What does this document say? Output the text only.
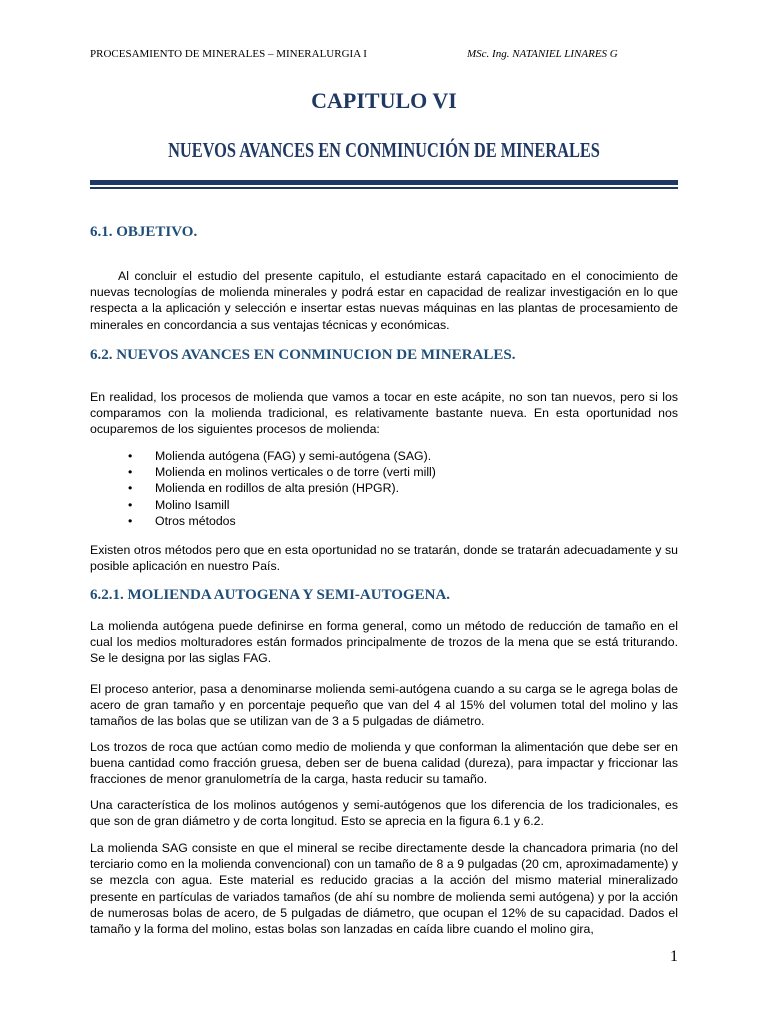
PROCESAMIENTO DE MINERALES – MINERALURGIA I	MSc. Ing. NATANIEL LINARES G
CAPITULO VI
NUEVOS AVANCES EN CONMINUCIÓN DE MINERALES
6.1. OBJETIVO.

Al concluir el estudio del presente capitulo, el estudiante estará capacitado en el conocimiento de nuevas tecnologías de molienda minerales y podrá estar en capacidad de realizar investigación en lo que respecta a la aplicación y selección e insertar estas nuevas máquinas en las plantas de procesamiento de minerales en concordancia a sus ventajas técnicas y económicas.

6.2. NUEVOS AVANCES EN CONMINUCION DE MINERALES.

En realidad, los procesos de molienda que vamos a tocar en este acápite, no son tan nuevos, pero si los comparamos con la molienda tradicional, es relativamente bastante nueva. En esta oportunidad nos ocuparemos de los siguientes procesos de molienda:

• Molienda autógena (FAG) y semi-autógena (SAG).
• Molienda en molinos verticales o de torre (verti mill)
• Molienda en rodillos de alta presión (HPGR).
• Molino Isamill
• Otros métodos

Existen otros métodos pero que en esta oportunidad no se tratarán, donde se tratarán adecuadamente y su posible aplicación en nuestro País.

6.2.1. MOLIENDA AUTOGENA Y SEMI-AUTOGENA.

La molienda autógena puede definirse en forma general, como un método de reducción de tamaño en el cual los medios molturadores están formados principalmente de trozos de la mena que se está triturando. Se le designa por las siglas FAG.

El proceso anterior, pasa a denominarse molienda semi-autógena cuando a su carga se le agrega bolas de acero de gran tamaño y en porcentaje pequeño que van del 4 al 15% del volumen total del molino y las tamaños de las bolas que se utilizan van de 3 a 5 pulgadas de diámetro.

Los trozos de roca que actúan como medio de molienda y que conforman la alimentación que debe ser en buena cantidad como fracción gruesa, deben ser de buena calidad (dureza), para impactar y friccionar las fracciones de menor granulometría de la carga, hasta reducir su tamaño.

Una característica de los molinos autógenos y semi-autógenos que los diferencia de los tradicionales, es que son de gran diámetro y de corta longitud. Esto se aprecia en la figura 6.1 y 6.2.

La molienda SAG consiste en que el mineral se recibe directamente desde la chancadora primaria (no del terciario como en la molienda convencional) con un tamaño de 8 a 9 pulgadas (20 cm, aproximadamente) y se mezcla con agua. Este material es reducido gracias a la acción del mismo material mineralizado presente en partículas de variados tamaños (de ahí su nombre de molienda semi autógena) y por la acción de numerosas bolas de acero, de 5 pulgadas de diámetro, que ocupan el 12% de su capacidad. Dados el tamaño y la forma del molino, estas bolas son lanzadas en caída libre cuando el molino gira,

1
